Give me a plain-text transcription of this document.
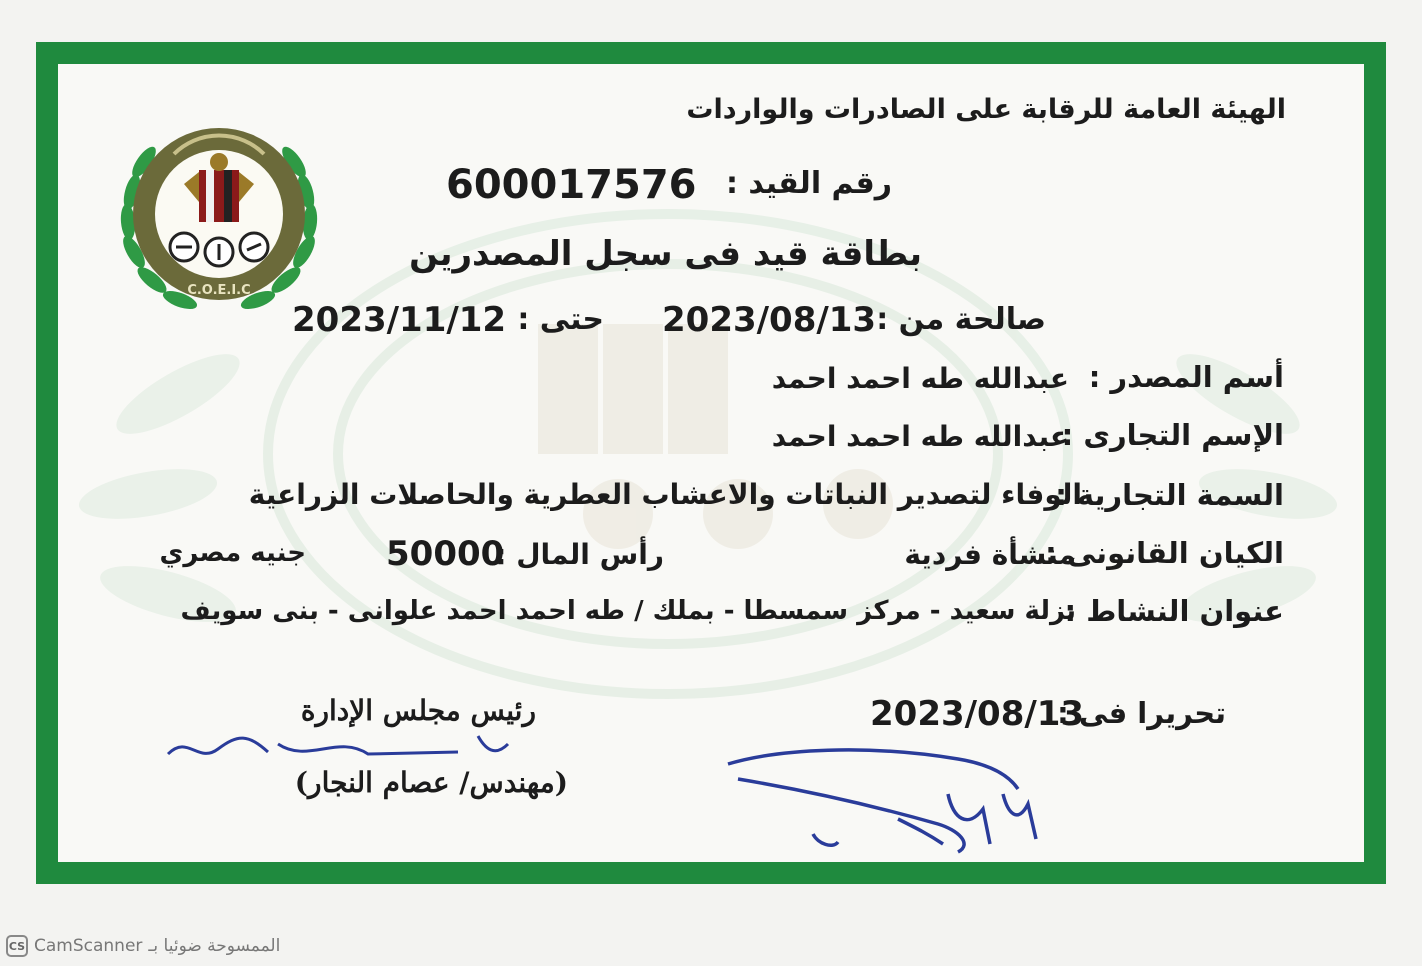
C.O.E.I.C
الهيئة العامة للرقابة على الصادرات والواردات
رقم القيد :
600017576
بطاقة قيد فى سجل المصدرين
صالحة من :
2023/08/13
حتى :
2023/11/12
أسم المصدر :
عبدالله طه احمد احمد
الإسم التجارى :
عبدالله طه احمد احمد
السمة التجارية :
الوفاء لتصدير النباتات والاعشاب العطرية والحاصلات الزراعية
الكيان القانونى :
منشأة فردية
رأس المال :
50000
جنيه مصري
عنوان النشاط :
نزلة سعيد - مركز سمسطا - بملك / طه احمد احمد علوانى - بنى سويف
تحريرا فى :
2023/08/13
رئيس مجلس الإدارة
(مهندس/ عصام النجار)
CS CamScanner الممسوحة ضوئيا بـ
